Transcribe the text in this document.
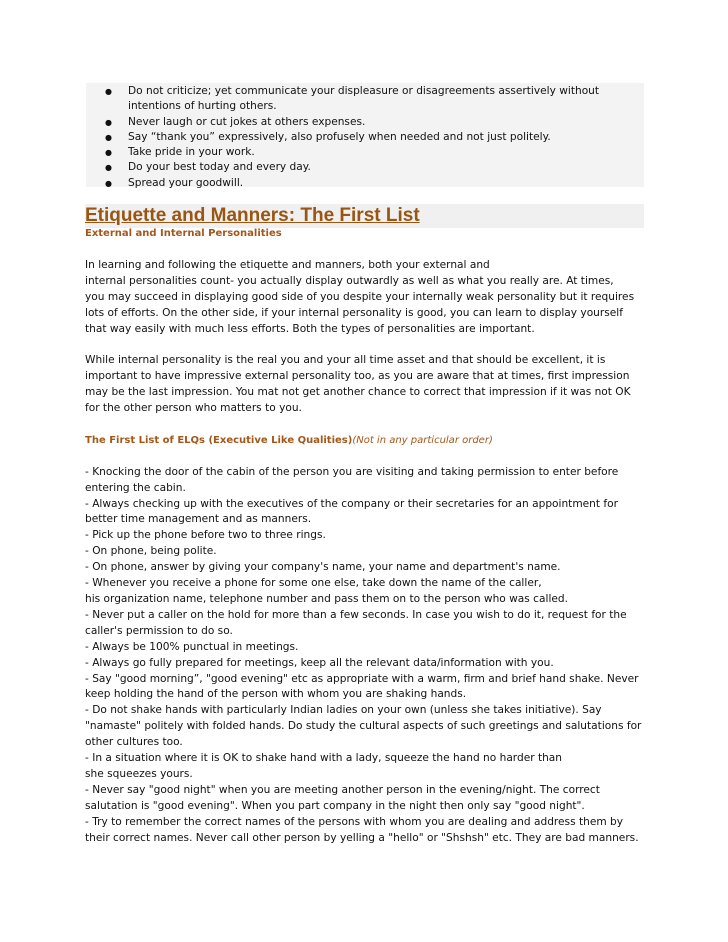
● Do not criticize; yet communicate your displeasure or disagreements assertively without
intentions of hurting others.
● Never laugh or cut jokes at others expenses.
● Say “thank you” expressively, also profusely when needed and not just politely.
● Take pride in your work.
● Do your best today and every day.
● Spread your goodwill.
Etiquette and Manners: The First List
External and Internal Personalities

In learning and following the etiquette and manners, both your external and
internal personalities count- you actually display outwardly as well as what you really are. At times,
you may succeed in displaying good side of you despite your internally weak personality but it requires
lots of efforts. On the other side, if your internal personality is good, you can learn to display yourself
that way easily with much less efforts. Both the types of personalities are important.

While internal personality is the real you and your all time asset and that should be excellent, it is
important to have impressive external personality too, as you are aware that at times, first impression
may be the last impression. You mat not get another chance to correct that impression if it was not OK
for the other person who matters to you.

The First List of ELQs (Executive Like Qualities)(Not in any particular order)

- Knocking the door of the cabin of the person you are visiting and taking permission to enter before
entering the cabin.

- Always checking up with the executives of the company or their secretaries for an appointment for
better time management and as manners.

- Pick up the phone before two to three rings.

- On phone, being polite.

- On phone, answer by giving your company's name, your name and department's name.

- Whenever you receive a phone for some one else, take down the name of the caller,
his organization name, telephone number and pass them on to the person who was called.

- Never put a caller on the hold for more than a few seconds. In case you wish to do it, request for the
caller's permission to do so.

- Always be 100% punctual in meetings.

- Always go fully prepared for meetings, keep all the relevant data/information with you.

- Say "good morning”, "good evening" etc as appropriate with a warm, firm and brief hand shake. Never
keep holding the hand of the person with whom you are shaking hands.

- Do not shake hands with particularly Indian ladies on your own (unless she takes initiative). Say
"namaste" politely with folded hands. Do study the cultural aspects of such greetings and salutations for
other cultures too.

- In a situation where it is OK to shake hand with a lady, squeeze the hand no harder than
she squeezes yours.

- Never say "good night" when you are meeting another person in the evening/night. The correct
salutation is "good evening". When you part company in the night then only say "good night".

- Try to remember the correct names of the persons with whom you are dealing and address them by
their correct names. Never call other person by yelling a "hello" or "Shshsh" etc. They are bad manners.
